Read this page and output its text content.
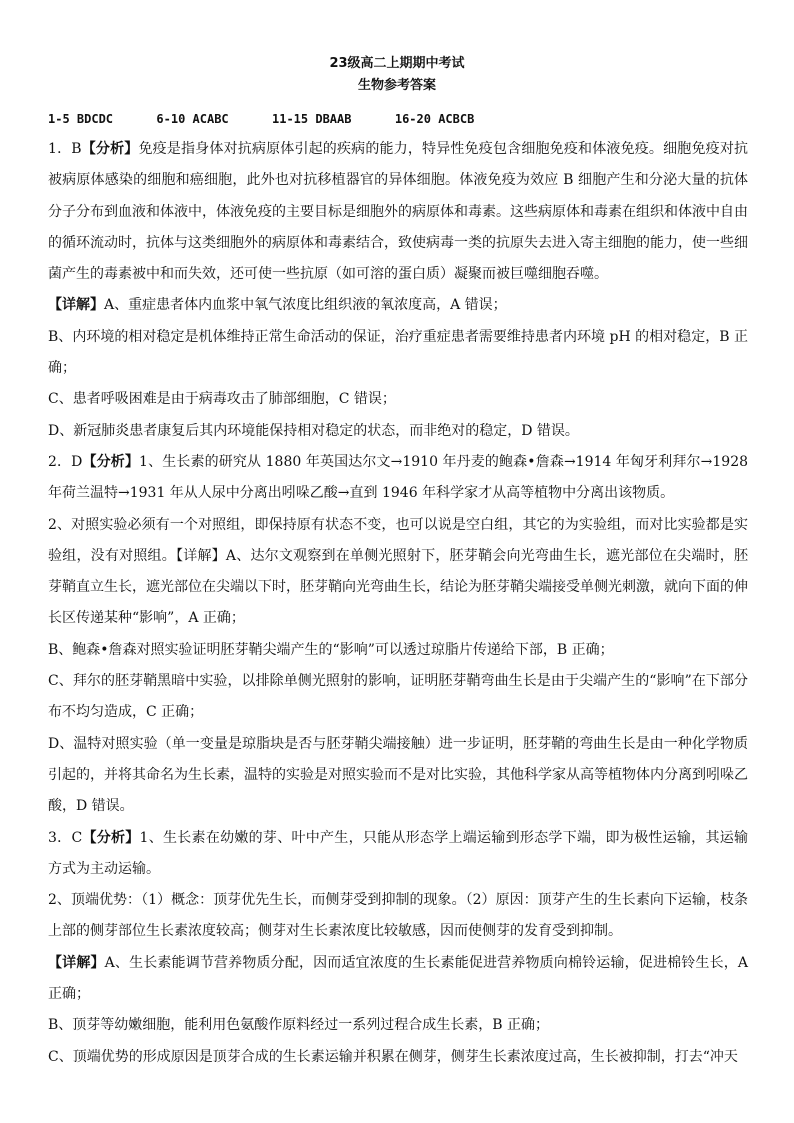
23级高二上期期中考试
生物参考答案
1-5 BDCDC	6-10 ACABC	11-15 DBAAB	16-20 ACBCB

1．B【分析】免疫是指身体对抗病原体引起的疾病的能力，特异性免疫包含细胞免疫和体液免疫。细胞免疫对抗被病原体感染的细胞和癌细胞，此外也对抗移植器官的异体细胞。体液免疫为效应 B 细胞产生和分泌大量的抗体分子分布到血液和体液中，体液免疫的主要目标是细胞外的病原体和毒素。这些病原体和毒素在组织和体液中自由的循环流动时，抗体与这类细胞外的病原体和毒素结合，致使病毒一类的抗原失去进入寄主细胞的能力，使一些细菌产生的毒素被中和而失效，还可使一些抗原（如可溶的蛋白质）凝聚而被巨噬细胞吞噬。

【详解】A、重症患者体内血浆中氧气浓度比组织液的氧浓度高，A 错误；

B、内环境的相对稳定是机体维持正常生命活动的保证，治疗重症患者需要维持患者内环境 pH 的相对稳定，B 正确；

C、患者呼吸困难是由于病毒攻击了肺部细胞，C 错误；

D、新冠肺炎患者康复后其内环境能保持相对稳定的状态，而非绝对的稳定，D 错误。

2．D【分析】1、生长素的研究从 1880 年英国达尔文→1910 年丹麦的鲍森•詹森→1914 年匈牙利拜尔→1928 年荷兰温特→1931 年从人尿中分离出吲哚乙酸→直到 1946 年科学家才从高等植物中分离出该物质。

2、对照实验必须有一个对照组，即保持原有状态不变，也可以说是空白组，其它的为实验组，而对比实验都是实验组，没有对照组。【详解】A、达尔文观察到在单侧光照射下，胚芽鞘会向光弯曲生长，遮光部位在尖端时，胚芽鞘直立生长，遮光部位在尖端以下时，胚芽鞘向光弯曲生长，结论为胚芽鞘尖端接受单侧光刺激，就向下面的伸长区传递某种“影响”，A 正确；

B、鲍森•詹森对照实验证明胚芽鞘尖端产生的“影响”可以透过琼脂片传递给下部，B 正确；

C、拜尔的胚芽鞘黑暗中实验，以排除单侧光照射的影响，证明胚芽鞘弯曲生长是由于尖端产生的“影响”在下部分布不均匀造成，C 正确；

D、温特对照实验（单一变量是琼脂块是否与胚芽鞘尖端接触）进一步证明，胚芽鞘的弯曲生长是由一种化学物质引起的，并将其命名为生长素，温特的实验是对照实验而不是对比实验，其他科学家从高等植物体内分离到吲哚乙酸，D 错误。

3．C【分析】1、生长素在幼嫩的芽、叶中产生，只能从形态学上端运输到形态学下端，即为极性运输，其运输方式为主动运输。

2、顶端优势：（1）概念：顶芽优先生长，而侧芽受到抑制的现象。（2）原因：顶芽产生的生长素向下运输，枝条上部的侧芽部位生长素浓度较高；侧芽对生长素浓度比较敏感，因而使侧芽的发育受到抑制。

【详解】A、生长素能调节营养物质分配，因而适宜浓度的生长素能促进营养物质向棉铃运输，促进棉铃生长，A 正确；

B、顶芽等幼嫩细胞，能利用色氨酸作原料经过一系列过程合成生长素，B 正确；

C、顶端优势的形成原因是顶芽合成的生长素运输并积累在侧芽，侧芽生长素浓度过高，生长被抑制，打去“冲天
